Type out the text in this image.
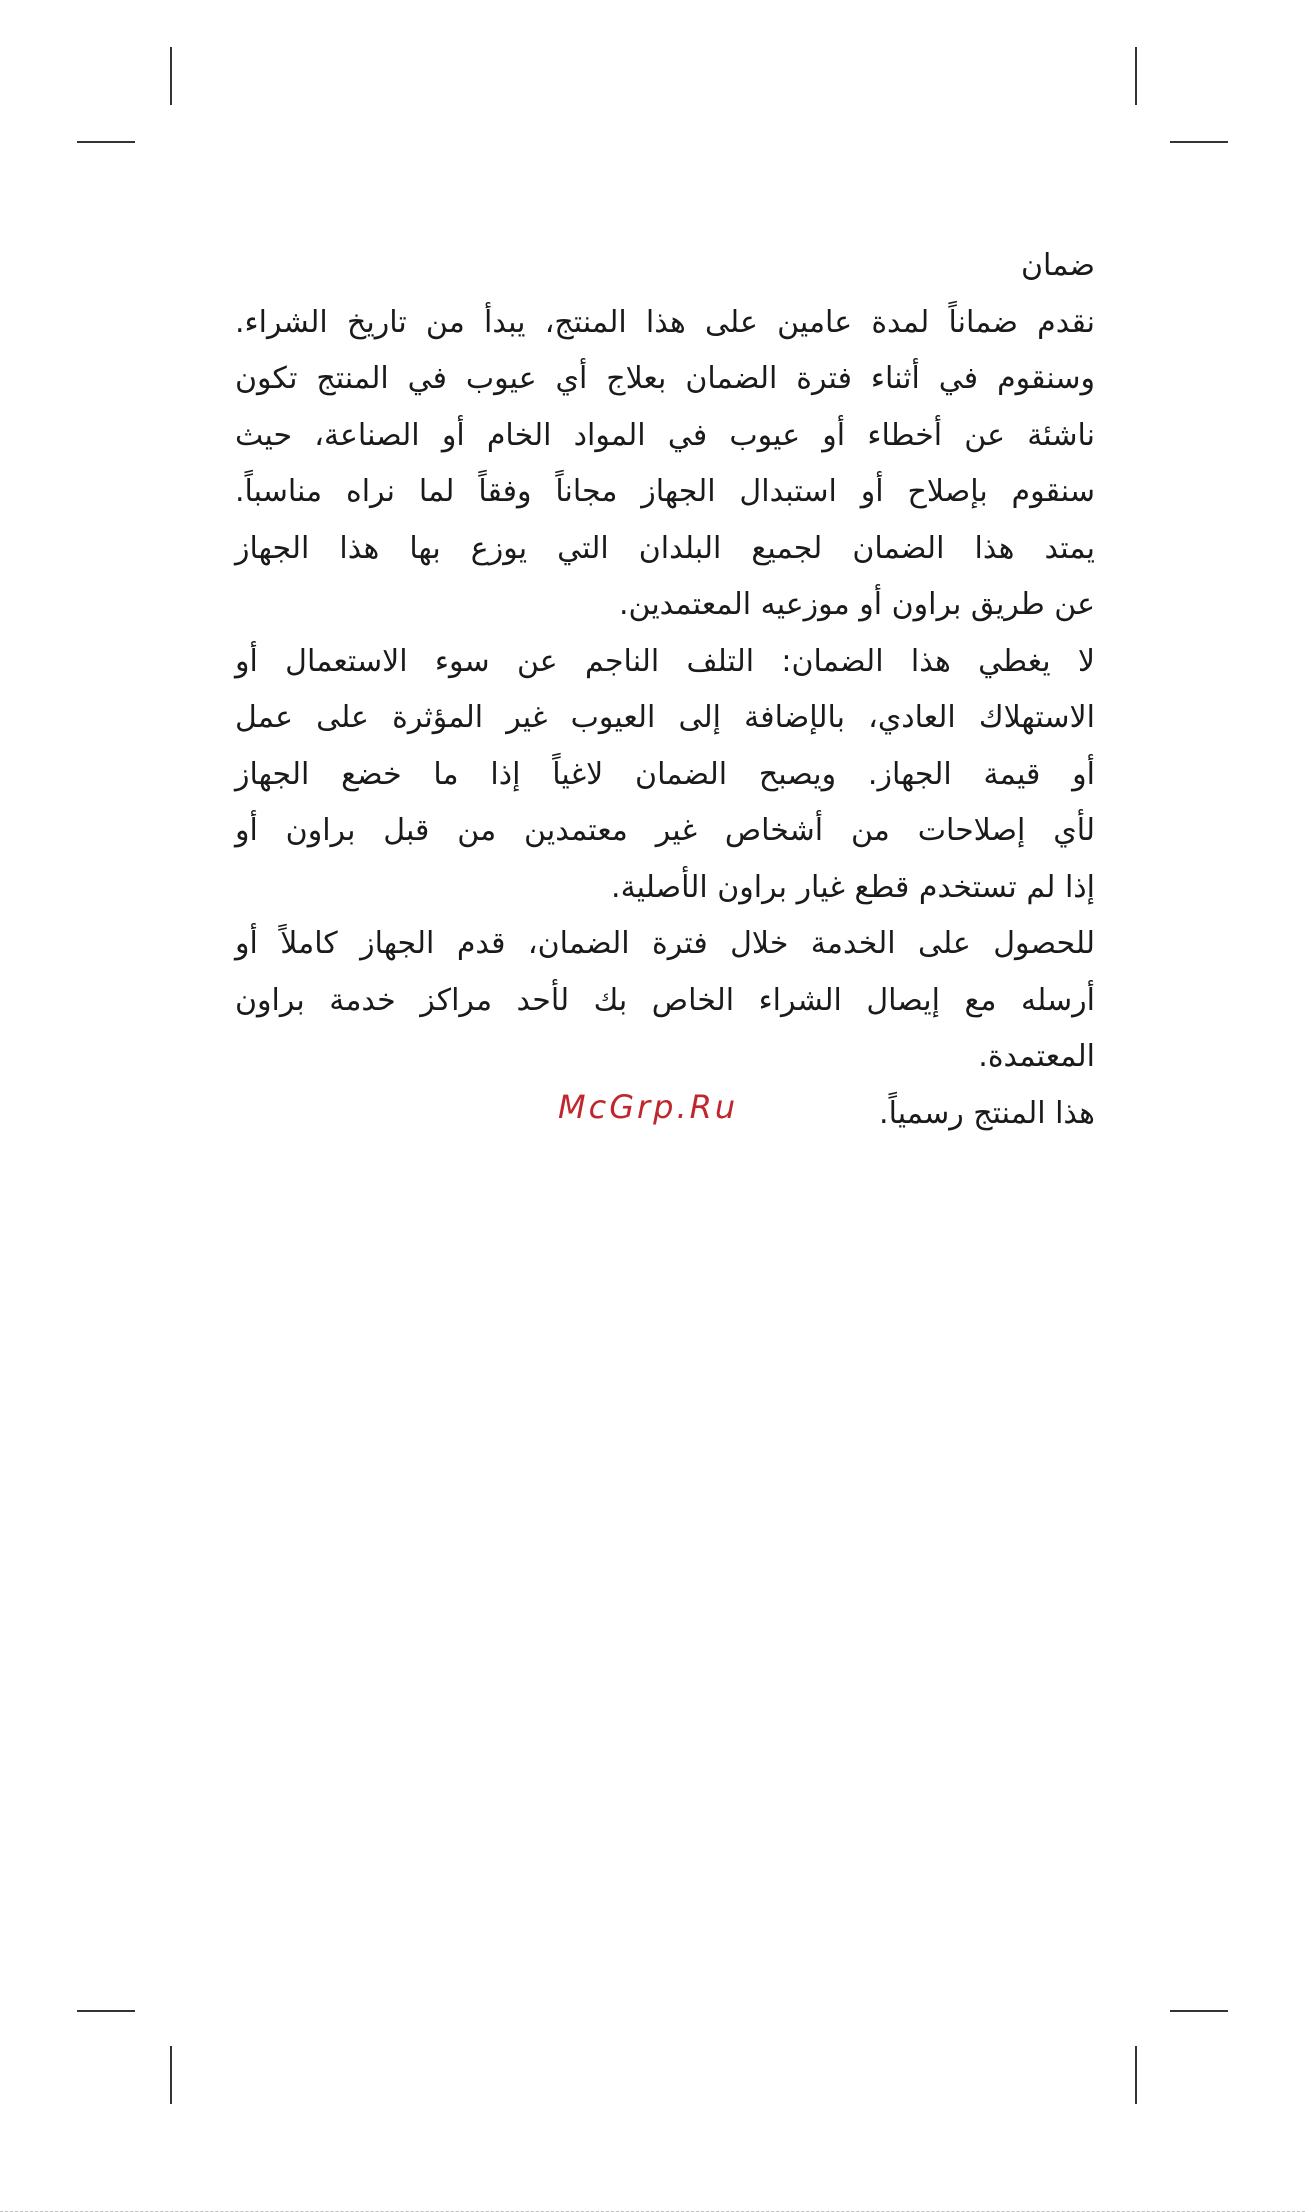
ضمان
نقدم ضماناً لمدة عامين على هذا المنتج، يبدأ من تاريخ الشراء.
وسنقوم في أثناء فترة الضمان بعلاج أي عيوب في المنتج تكون
ناشئة عن أخطاء أو عيوب في المواد الخام أو الصناعة، حيث
سنقوم بإصلاح أو استبدال الجهاز مجاناً وفقاً لما نراه مناسباً.
يمتد هذا الضمان لجميع البلدان التي يوزع بها هذا الجهاز
عن طريق براون أو موزعيه المعتمدين.
لا يغطي هذا الضمان: التلف الناجم عن سوء الاستعمال أو
الاستهلاك العادي، بالإضافة إلى العيوب غير المؤثرة على عمل
أو قيمة الجهاز. ويصبح الضمان لاغياً إذا ما خضع الجهاز
لأي إصلاحات من أشخاص غير معتمدين من قبل براون أو
إذا لم تستخدم قطع غيار براون الأصلية.
للحصول على الخدمة خلال فترة الضمان، قدم الجهاز كاملاً أو
أرسله مع إيصال الشراء الخاص بك لأحد مراكز خدمة براون
المعتمدة.
هذا المنتج رسمياً.
McGrp.Ru
